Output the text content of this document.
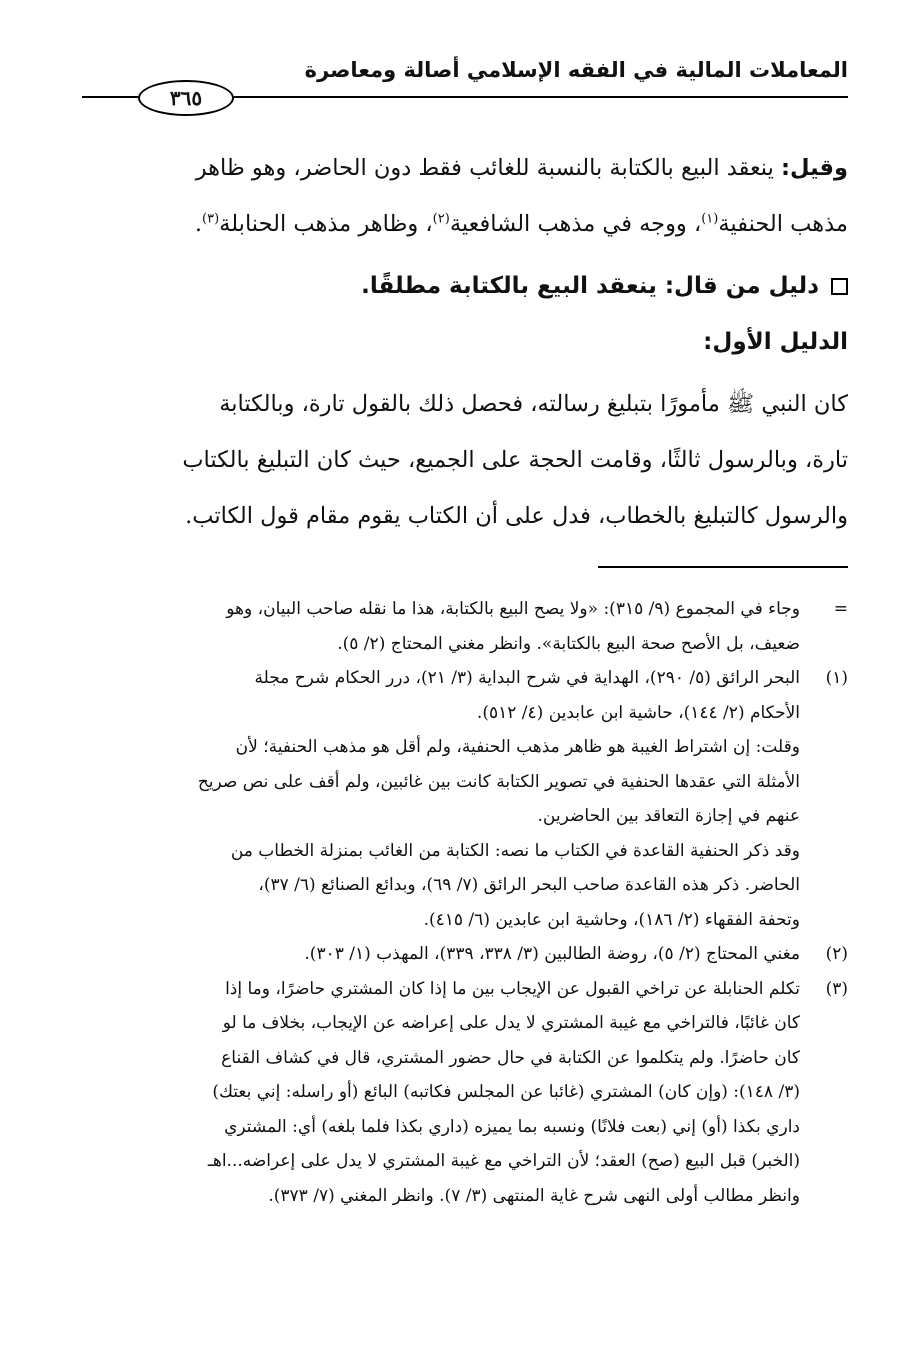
المعاملات المالية في الفقه الإسلامي أصالة ومعاصرة
٣٦٥

وقيل: ينعقد البيع بالكتابة بالنسبة للغائب فقط دون الحاضر، وهو ظاهر

مذهب الحنفية$^{(١)}$، ووجه في مذهب الشافعية$^{(٢)}$، وظاهر مذهب الحنابلة$^{(٣)}$.

دليل من قال: ينعقد البيع بالكتابة مطلقًا.
الدليل الأول:

كان النبي ﷺ مأمورًا بتبليغ رسالته، فحصل ذلك بالقول تارة، وبالكتابة

تارة، وبالرسول ثالثًا، وقامت الحجة على الجميع، حيث كان التبليغ بالكتاب

والرسول كالتبليغ بالخطاب، فدل على أن الكتاب يقوم مقام قول الكاتب.

=

وجاء في المجموع (٩/ ٣١٥): «ولا يصح البيع بالكتابة، هذا ما نقله صاحب البيان، وهو

ضعيف، بل الأصح صحة البيع بالكتابة». وانظر مغني المحتاج (٢/ ٥).

(١)

البحر الرائق (٥/ ٢٩٠)، الهداية في شرح البداية (٣/ ٢١)، درر الحكام شرح مجلة

الأحكام (٢/ ١٤٤)، حاشية ابن عابدين (٤/ ٥١٢).

وقلت: إن اشتراط الغيبة هو ظاهر مذهب الحنفية، ولم أقل هو مذهب الحنفية؛ لأن

الأمثلة التي عقدها الحنفية في تصوير الكتابة كانت بين غائبين، ولم أقف على نص صريح

عنهم في إجازة التعاقد بين الحاضرين.

وقد ذكر الحنفية القاعدة في الكتاب ما نصه: الكتابة من الغائب بمنزلة الخطاب من

الحاضر. ذكر هذه القاعدة صاحب البحر الرائق (٧/ ٦٩)، وبدائع الصنائع (٦/ ٣٧)،

وتحفة الفقهاء (٢/ ١٨٦)، وحاشية ابن عابدين (٦/ ٤١٥).

(٢)

مغني المحتاج (٢/ ٥)، روضة الطالبين (٣/ ٣٣٨، ٣٣٩)، المهذب (١/ ٣٠٣).

(٣)

تكلم الحنابلة عن تراخي القبول عن الإيجاب بين ما إذا كان المشتري حاضرًا، وما إذا

كان غائبًا، فالتراخي مع غيبة المشتري لا يدل على إعراضه عن الإيجاب، بخلاف ما لو

كان حاضرًا. ولم يتكلموا عن الكتابة في حال حضور المشتري، قال في كشاف القناع

(٣/ ١٤٨): (وإن كان) المشتري (غائبا عن المجلس فكاتبه) البائع (أو راسله: إني بعتك)

داري بكذا (أو) إني (بعت فلانًا) ونسبه بما يميزه (داري بكذا فلما بلغه) أي: المشتري

(الخبر) قبل البيع (صح) العقد؛ لأن التراخي مع غيبة المشتري لا يدل على إعراضه...اهـ

وانظر مطالب أولى النهى شرح غاية المنتهى (٣/ ٧). وانظر المغني (٧/ ٣٧٣).
